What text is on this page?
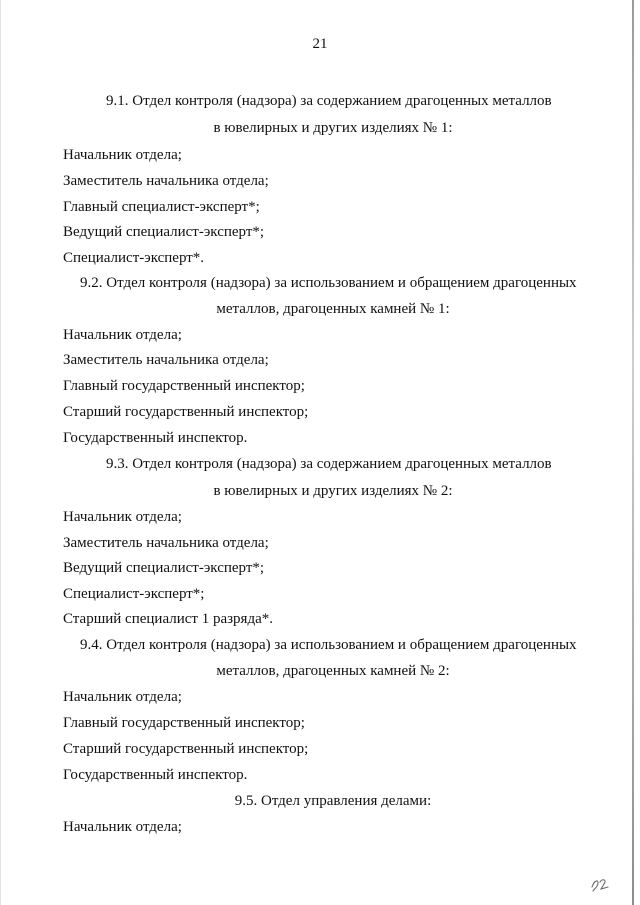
21
9.1. Отдел контроля (надзора) за содержанием драгоценных металлов
в ювелирных и других изделиях № 1:
Начальник отдела;
Заместитель начальника отдела;
Главный специалист-эксперт*;
Ведущий специалист-эксперт*;
Специалист-эксперт*.
9.2. Отдел контроля (надзора) за использованием и обращением драгоценных
металлов, драгоценных камней № 1:
Начальник отдела;
Заместитель начальника отдела;
Главный государственный инспектор;
Старший государственный инспектор;
Государственный инспектор.
9.3. Отдел контроля (надзора) за содержанием драгоценных металлов
в ювелирных и других изделиях № 2:
Начальник отдела;
Заместитель начальника отдела;
Ведущий специалист-эксперт*;
Специалист-эксперт*;
Старший специалист 1 разряда*.
9.4. Отдел контроля (надзора) за использованием и обращением драгоценных
металлов, драгоценных камней № 2:
Начальник отдела;
Главный государственный инспектор;
Старший государственный инспектор;
Государственный инспектор.
9.5. Отдел управления делами:
Начальник отдела;
